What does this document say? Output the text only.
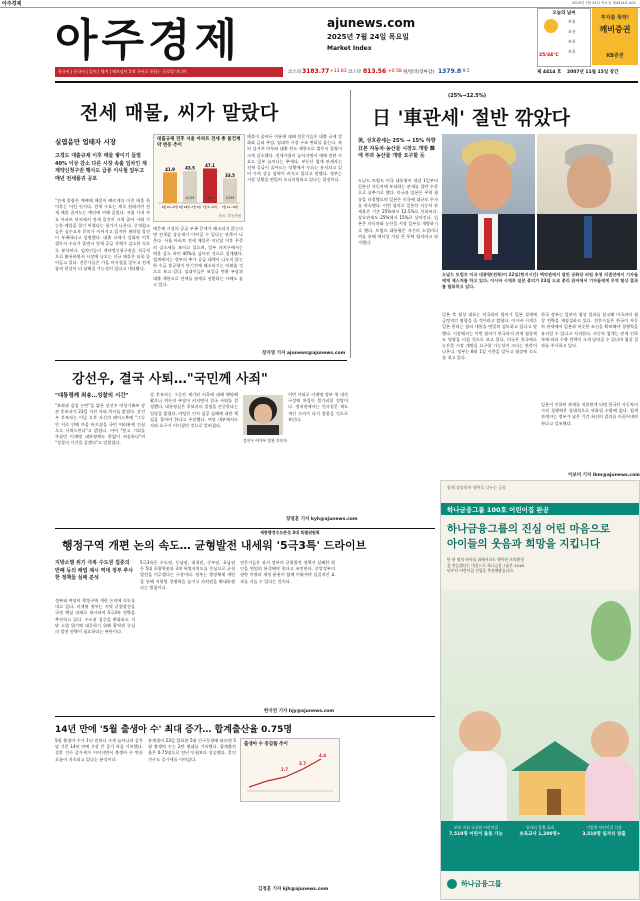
아주경제	2025년 7월 24일 목요일 제4414호 A01
아주경제	ajunews.com
2025년 7월 24일 목요일
Market Index
오늘의 날씨
25/34°C
보통
보통
보통
보통
투자를 뚝딱!
깨비증권
KB증권
한국어 | 중국어 | 일어 | 영어 | 베트남어 5개 국어로 통하는 글로벌 미디어	코스피 3183.77 +13.83 코스닥 813.56 +0.58 원/달러(장마감) 1379.8 -9.5	제 4414 호 2007년 11월 15일 창간
전세 매물, 씨가 말랐다
실엽음만 업태자 시장
고경도 대출규제 이후 매물 쌓이기 들벌 40% 이상 감소 다른 시장 속출 임차인 재계약신청구권 행사도 급증 이사철 앞두고 매년 전세품귀 공포
"전세 물량은 예배에 매물이 빠르게다 이런 매물 한 이후는 이런 듯이다. 전세 수요는 계속 원래지만 전세 매물 줄어드는 예년에 비해 줄었다. 서울 시내 주요 아파트 단지에서 전세 물건이 크게 줄어 거래 가능한 매물을 찾기 어렵다는 평가가 나온다. 중개업소들은 실수요자 문의가 이어지고 있지만 계약할 물건이 부족하다고 설명했다. 대출 규제가 강화된 이후 갭투자 수요가 줄면서 전세 공급 자체가 감소한 것으로 분석된다. 임차인들이 계약갱신청구권을 적극적으로 활용하면서 시장에 나오는 신규 매물은 더욱 줄어들고 있다. 전문가들은 가을 이사철을 앞두고 전세 품귀 현상이 더 심해질 가능성이 있다고 내다봤다.
대출규제 전후 서울 아파트 전세 총 물건계약 변동 추이
41.9
6월 22~27일
43.5
6월 28일~7월 4일
47.1
7월 5~11일
33.5
7월 12~18일
4155	7081	3335
자료: 부동산원
때문에 시장의 공급 부족 문제가 해소되지 않는다면 전셋값 상승세가 이어질 수 있다는 관측이 나온다. 서울 아파트 전세 매물은 지난달 이후 꾸준히 감소세를 보이고 있으며, 일부 자치구에서는 매물 감소 폭이 40%를 넘어선 것으로 집계됐다. 업계에서는 정부의 추가 공급 대책이 나오지 않는 한 수급 불균형이 단기간에 해소되기는 어려울 것으로 보고 있다. 임대인들은 보증금 반환 부담과 대출 제한으로 전세를 월세로 전환하는 사례도 늘고 있다.
매물이 줄어든 이유에 대해 전문가들은 대출 규제 강화와 금리 부담, 임대차 시장 구조 변화를 꼽는다. 특히 실거주 의무와 대출 한도 제한으로 갭투자 물량이 크게 감소했다. 전세가율이 높아지면서 매매 전환 수요도 일부 늘어나는 추세다. 부동산 업계 관계자는 전세 공급이 줄어드는 상황에서 수요는 유지되고 있어 가격 상승 압력이 커지고 있다고 말했다. 정부는 시장 상황을 면밀히 모니터링하고 있다는 입장이다.
장지영 기자 ajunews@ajunews.com
(25%→12.5%)
日 '車관세' 절반 깎았다
美, 상호관세는 25% → 15% 하향 日본 자동차·농산물 시장도 개방 韓에 부과 농산물 개방 요구할 듯
도널드 트럼프 미국 대통령이 내달 1일부터 일본산 자동차에 부과하는 관세를 절반 수준으로 낮추기로 했다. 미국과 일본은 무역 협상을 타결했으며 일본은 미국에 대규모 투자를 약속했다. 이번 합의로 일본산 자동차 관세율은 기존 25%에서 12.5%로 인하된다. 상호관세도 25%에서 15%로 낮아진다. 일본은 자동차와 농산물 시장 일부를 개방하기로 했다. 트럼프 대통령은 자신의 소셜미디어를 통해 역사상 가장 큰 무역 합의라고 평가했다.
도널드 트럼프 미국 대통령(왼쪽)이 22일(현지시간) 백악관에서 열린 공화당 의원 초청 리셉션에서 기자들에게 제스처를 하고 있다. 이시바 시게루 일본 총리가 23일 도쿄 총리 관저에서 기자들에게 무역 협상 결과를 발표하고 있다.
일본 측 협상 대표는 미국과의 합의가 일본 경제에 긍정적인 영향을 줄 것이라고 밝혔다. 이시바 시게루 일본 총리는 합의 내용을 면밀히 검토하고 있다고 말했다. 시장에서는 이번 합의가 한국과의 관세 협상에도 영향을 미칠 것으로 보고 있다. 미국은 한국에도 농산물 시장 개방을 요구할 가능성이 크다는 관측이 나온다. 정부는 8월 1일 시한을 앞두고 협상에 속도를 내고 있다.
한국 정부는 일본의 협상 결과를 참고해 미국과의 협상 전략을 재점검하고 있다. 전문가들은 한국이 자동차 관세에서 일본과 비슷한 조건을 확보해야 경쟁력을 유지할 수 있다고 지적한다. 자동차 업계는 관세 인하 폭에 따라 수출 전략이 크게 달라질 수 있다며 협상 결과를 주시하고 있다.
일본이 인하된 관세를 적용받게 되면 한국산 자동차의 가격 경쟁력은 상대적으로 약화될 수밖에 없다. 업계 관계자는 정부가 남은 기간 최선의 결과를 이끌어내야 한다고 강조했다.
이보미 기자 lbm@ajunews.com
강선우, 결국 사퇴…"국민께 사죄"
"대통령께 죄송…성찰의 시간"
"보좌관 갑질 논란"을 빚은 강선우 여성가족부 장관 후보자가 23일 자진 사퇴 의사를 밝혔다. 강선우 후보자는 이날 오후 자신의 페이스북에 "그동안 저로 인해 마음 아프셨을 국민 여러분께 진심으로 사죄드린다"고 밝혔다. 이어 "믿고 기회를 주셨던 이재명 대통령께도 한없이 죄송하다"며 "성찰의 시간을 갖겠다"고 덧붙였다.
강 후보자는 그동안 제기된 의혹에 대해 해명해 왔으나 여론의 부담이 커지면서 결국 사퇴를 결정했다. 대통령실은 후보자의 결정을 존중한다는 입장을 밝혔다. 야당은 인사 검증 실패에 대한 책임을 물어야 한다고 주장했다. 여당 내부에서도 사퇴 요구가 이어졌던 것으로 알려졌다.
강선우 여가부 장관 후보자
이번 사퇴로 이재명 정부 첫 내각 구성에 차질이 불가피할 전망이다. 정치권에서는 인사청문 제도 개선 논의가 다시 불붙을 것으로 보인다.
장영훈 기자 kyh@ajunews.com
세종행정수도완성 3대 특별위원회
행정구역 개편 논의 속도… 균형발전 내세워 '5극3특' 드라이브
지방소멸 위기 극복 수도권 집중의 반폐 등의 해법 제시 역대 정부 추사한 정책들 실패 분석
정부와 여당이 행정구역 개편 논의에 속도를 내고 있다. 이재명 정부는 지역 균형발전을 국정 핵심 과제로 제시하며 5극3특 전략을 추진하고 있다. 수도권 집중을 완화하고 지방 소멸 위기에 대응하기 위해 광역권 중심의 발전 전략이 필요하다는 판단이다.
5극3특은 수도권, 동남권, 대경권, 중부권, 호남권 등 5대 초광역권과 3개 특별자치도를 중심으로 균형발전을 이루겠다는 구상이다. 정부는 행정체제 개편을 통해 지역별 경쟁력을 높이고 자치권을 확대하겠다는 방침이다.
전문가들은 과거 정부의 균형발전 정책이 실패한 원인을 면밀히 분석해야 한다고 조언한다. 중앙정부의 권한 이양과 재정 분권이 함께 이뤄져야 실질적인 효과를 거둘 수 있다는 것이다.
한지연 기자 hjy@ajunews.com
14년 만에 '5월 출생아 수' 최대 증가… 합계출산율 0.75명
5월 출생아 수가 1년 전보다 크게 늘어나며 같은 달 기준 14년 만에 가장 큰 증가 폭을 기록했다. 결혼 건수 증가세가 이어지면서 출생아 수 반등 흐름이 지속되고 있다는 분석이다.
통계청이 23일 발표한 5월 인구동향에 따르면 5월 출생아 수는 2만 명대를 기록했다. 합계출산율은 0.75명으로 전년 동월보다 상승했다. 혼인 건수도 증가세를 이어갔다.
출생아 수 증감률 추이
3.7
2.7
4.4
김정훈 기자 kjh@ajunews.com
함께 성장하며 행복을 나누는 금융
하나금융그룹 100호 어린이집 완공
하나금융그룹의 진심 어린 마음으로
아이들의 웃음과 희망을 지킵니다
단 한 명의 아이를 위해서라도 행복한 보육환경을 만들겠다는 마음으로 하나금융그룹은 2018년부터 어린이집 건립을 추진해왔습니다.
보육 지원 국공립 어린이집
7,519명 어린이 돌봄 가능
일자리 창출 효과
보육교사 1,200명+
기업형 어린이집 신설
3,510명 일자리 창출
하나금융그룹
